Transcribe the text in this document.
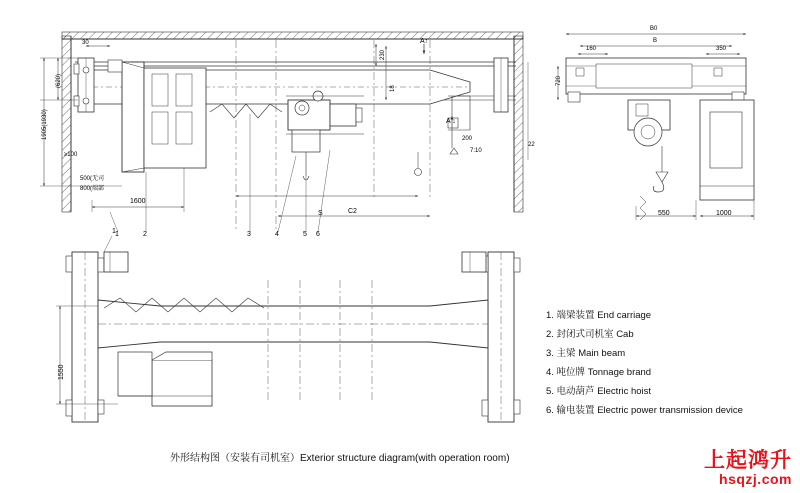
30
1905(1930)
(620)
≥100
500(无司
800(端部
1600
230
18
S	C2
A↑
A ↓
200
7:10
22
1	2	3	4	5 6
B0
B
160	350
720
550	1000
1550
1
1. 端梁装置 End carriage
2. 封闭式司机室 Cab
3. 主梁 Main beam
4. 吨位牌 Tonnage brand
5. 电动葫芦 Electric hoist
6. 输电装置 Electric power transmission device
外形结构图（安装有司机室）Exterior structure diagram(with operation room)	上起鸿升
hsqzj.com
